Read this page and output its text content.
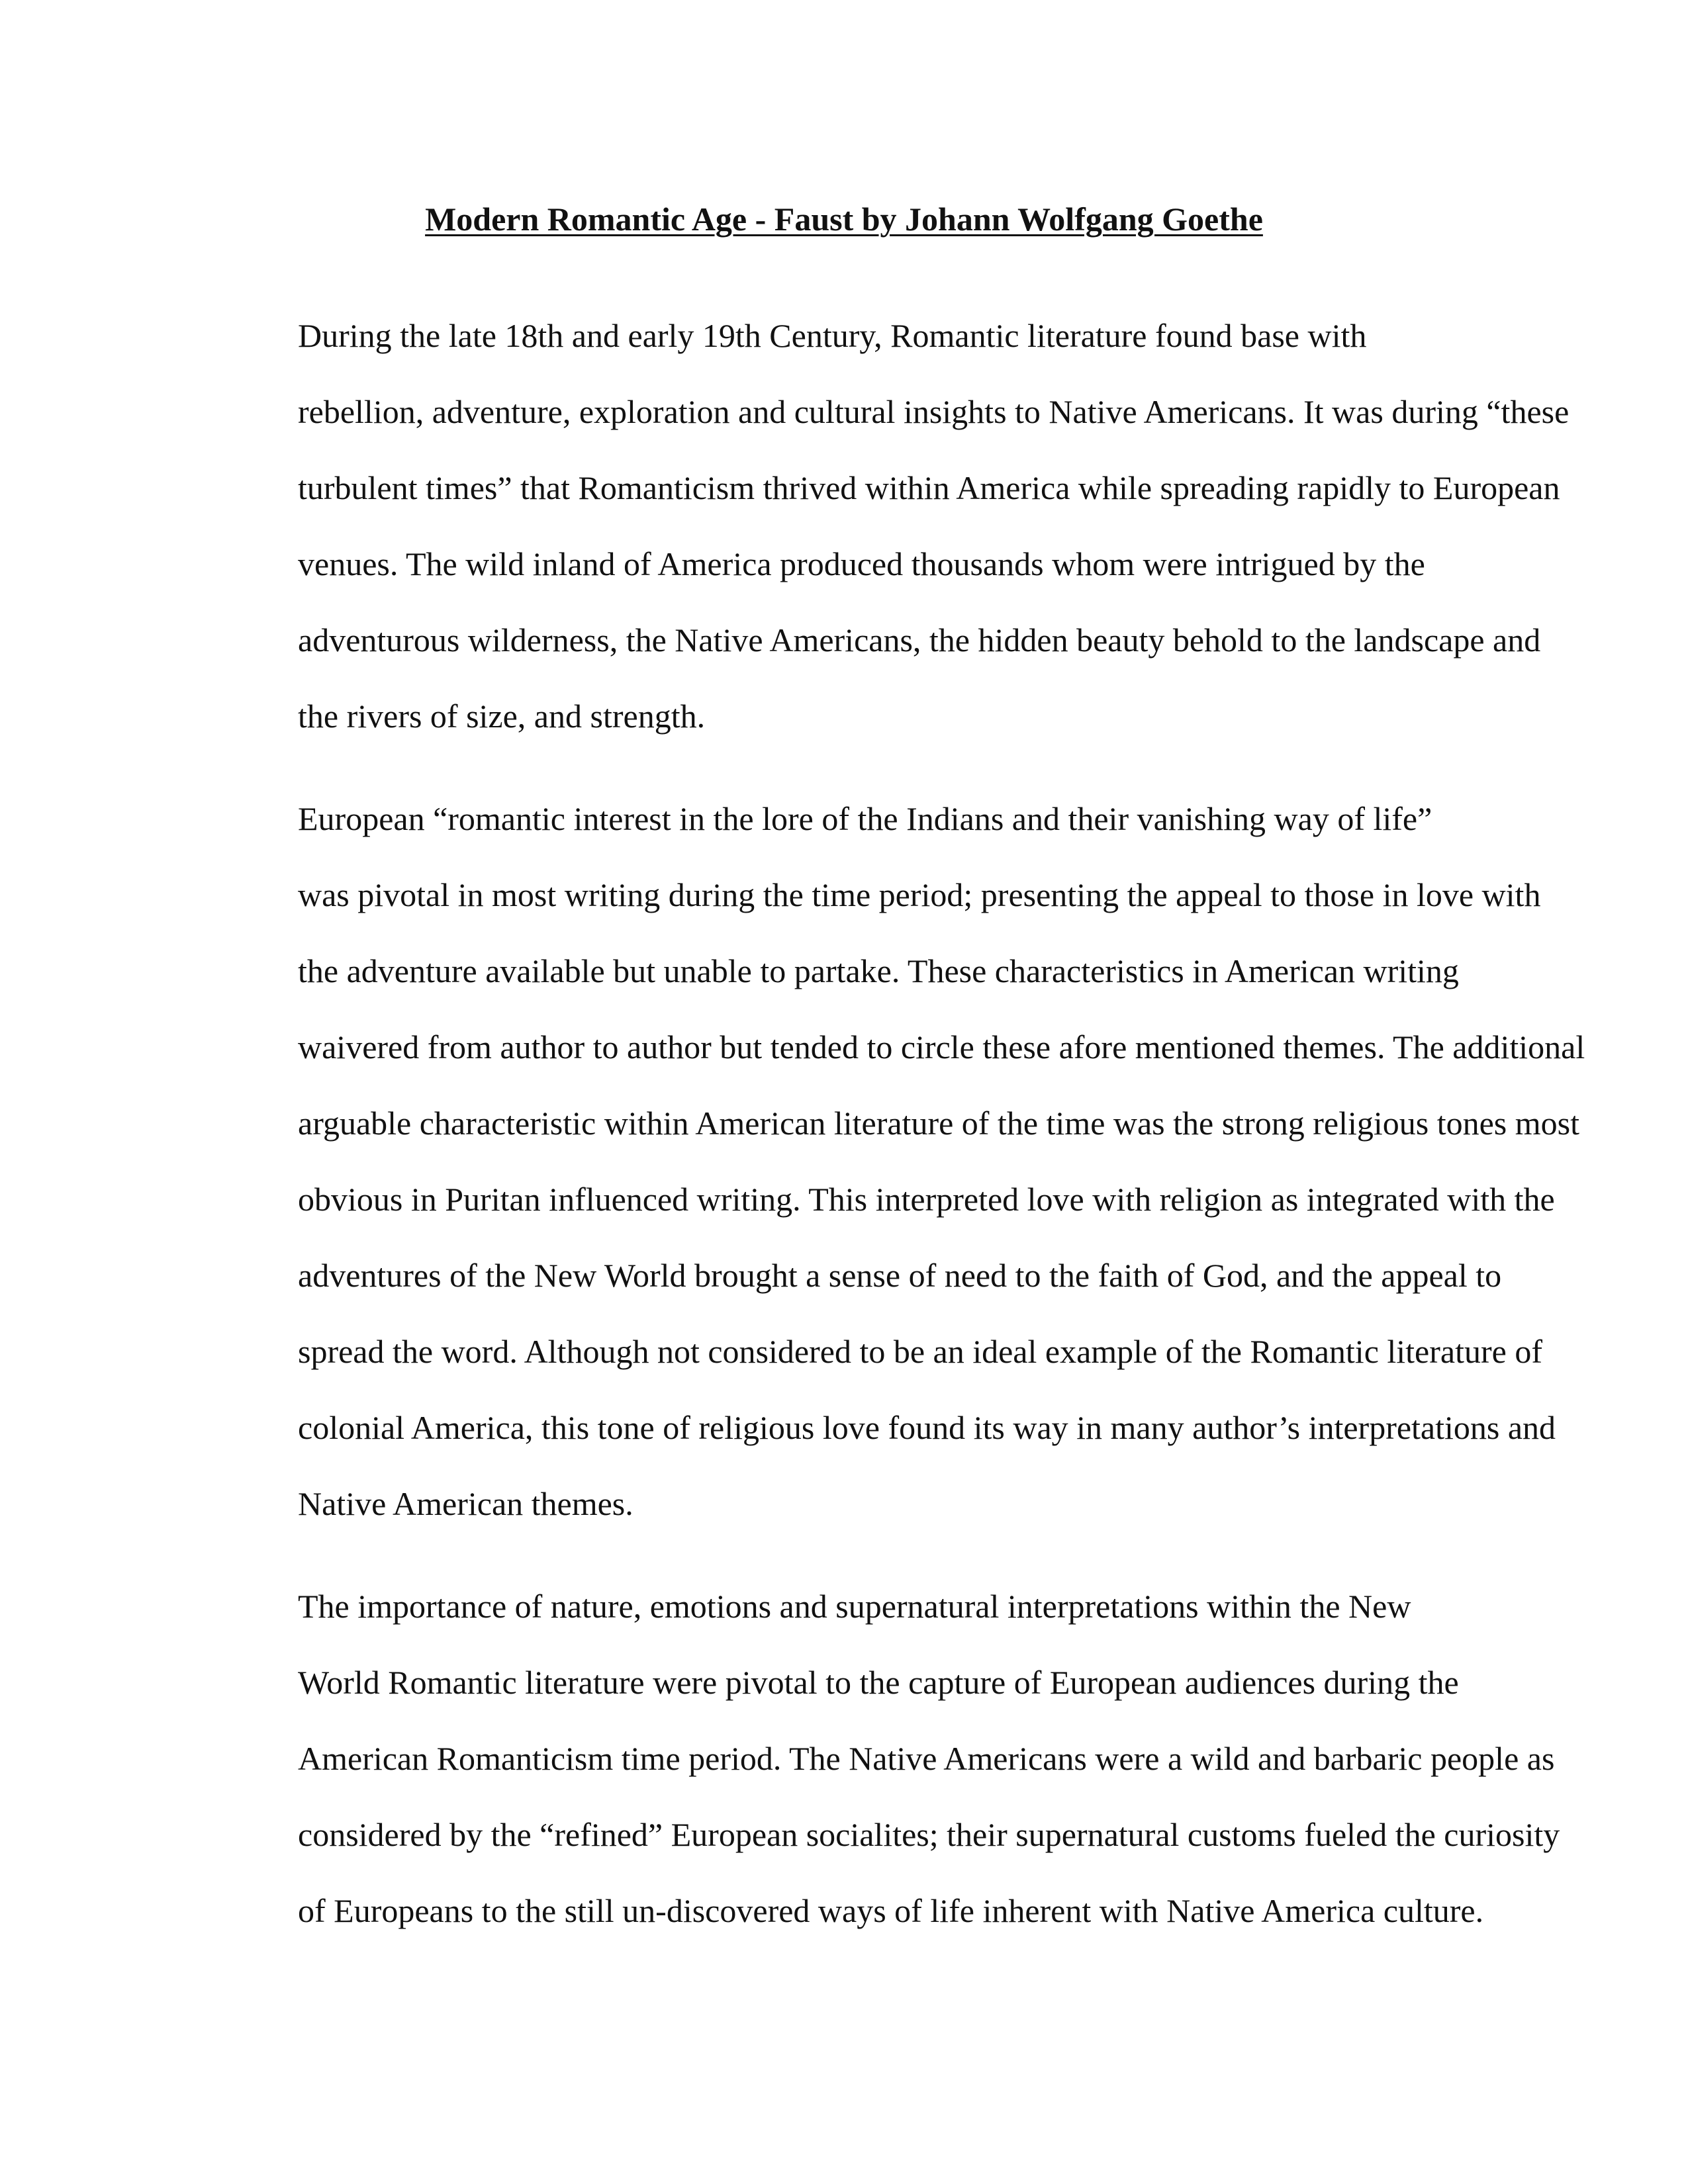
Modern Romantic Age - Faust by Johann Wolfgang Goethe

During the late 18th and early 19th Century, Romantic literature found base with
rebellion, adventure, exploration and cultural insights to Native Americans. It was during “these
turbulent times” that Romanticism thrived within America while spreading rapidly to European
venues. The wild inland of America produced thousands whom were intrigued by the
adventurous wilderness, the Native Americans, the hidden beauty behold to the landscape and
the rivers of size, and strength.

European “romantic interest in the lore of the Indians and their vanishing way of life”
was pivotal in most writing during the time period; presenting the appeal to those in love with
the adventure available but unable to partake. These characteristics in American writing
waivered from author to author but tended to circle these afore mentioned themes. The additional
arguable characteristic within American literature of the time was the strong religious tones most
obvious in Puritan influenced writing. This interpreted love with religion as integrated with the
adventures of the New World brought a sense of need to the faith of God, and the appeal to
spread the word. Although not considered to be an ideal example of the Romantic literature of
colonial America, this tone of religious love found its way in many author’s interpretations and
Native American themes.

The importance of nature, emotions and supernatural interpretations within the New
World Romantic literature were pivotal to the capture of European audiences during the
American Romanticism time period. The Native Americans were a wild and barbaric people as
considered by the “refined” European socialites; their supernatural customs fueled the curiosity
of Europeans to the still un-discovered ways of life inherent with Native America culture.
